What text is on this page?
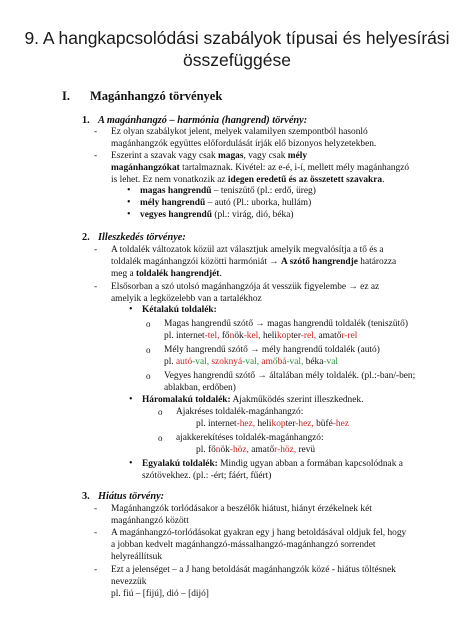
9. A hangkapcsolódási szabályok típusai és helyesírási
összefüggése
I. Magánhangzó törvények
1. A magánhangzó – harmónia (hangrend) törvény:
- Ez olyan szabálykot jelent, melyek valamilyen szempontból hasonló
magánhangzók együttes előfordulását írják elő bizonyos helyzetekben.
- Eszerint a szavak vagy csak magas, vagy csak mély
magánhangzókat tartalmaznak. Kivétel: az e-é, i-í, mellett mély magánhangzó
is lehet. Ez nem vonatkozik az idegen eredetű és az összetett szavakra.
• magas hangrendű – teniszütő (pl.: erdő, üreg)
• mély hangrendű – autó (Pl.: uborka, hullám)
• vegyes hangrendű (pl.: virág, dió, béka)
2. Illeszkedés törvénye:
- A toldalék változatok közül azt választjuk amelyik megvalósítja a tő és a
toldalék magánhangzói közötti harmóniát → A szótő hangrendje határozza
meg a toldalék hangrendjét.
- Elsősorban a szó utolsó magánhangzója át vesszük figyelembe → ez az
amelyik a legközelebb van a tartalékhoz
• Kétalakú toldalék:
o Magas hangrendű szótő → magas hangrendű toldalék (teniszütő)
pl. internet-tel, főnök-kel, helikopter-rel, amatőr-rel
o Mély hangrendű szótő → mély hangrendű toldalék (autó)
pl. autó-val, szoknyá-val, amőbá-val, béka-val
o Vegyes hangrendű szótő → általában mély toldalék. (pl.:-ban/-ben;
ablakban, erdőben)
• Háromalakú toldalék: Ajakműködés szerint illeszkednek.
o Ajakréses toldalék-magánhangzó:
pl. internet-hez, helikopter-hez, büfé-hez
o ajakkerekítéses toldalék-magánhangzó:
pl. főnök-höz, amatőr-höz, revü
• Egyalakú toldalék: Mindig ugyan abban a formában kapcsolódnak a
szótövekhez. (pl.: -ért; fáért, fűért)
3. Hiátus törvény:
- Magánhangzók torlódásakor a beszélők hiátust, hiányt érzékelnek két
magánhangzó között
- A magánhangzó-torlódásokat gyakran egy j hang betoldásával oldjuk fel, hogy
a jobban kedvelt magánhangzó-mássalhangzó-magánhangzó sorrendet
helyreállítsuk
- Ezt a jelenséget – a J hang betoldását magánhangzók közé - hiátus töltésnek
nevezzük
pl. fiú – [fijú], dió – [dijó]
